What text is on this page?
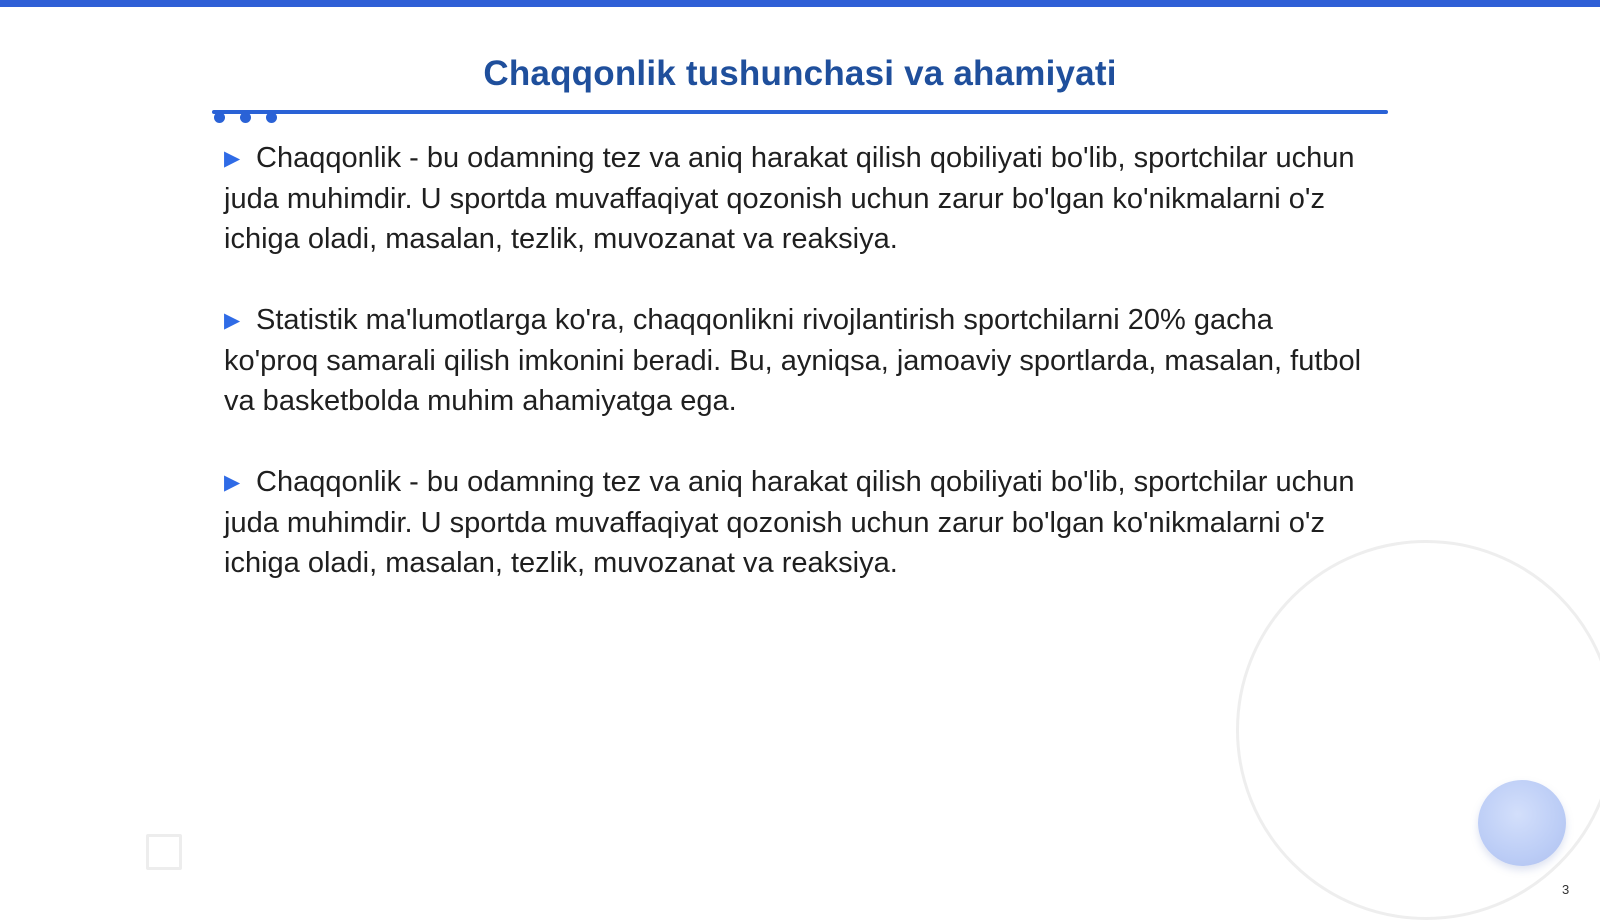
Chaqqonlik tushunchasi va ahamiyati

▶ Chaqqonlik - bu odamning tez va aniq harakat qilish qobiliyati bo'lib, sportchilar uchun juda muhimdir. U sportda muvaffaqiyat qozonish uchun zarur bo'lgan ko'nikmalarni o'z ichiga oladi, masalan, tezlik, muvozanat va reaksiya.

▶ Statistik ma'lumotlarga ko'ra, chaqqonlikni rivojlantirish sportchilarni 20% gacha ko'proq samarali qilish imkonini beradi. Bu, ayniqsa, jamoaviy sportlarda, masalan, futbol va basketbolda muhim ahamiyatga ega.

▶ Chaqqonlik - bu odamning tez va aniq harakat qilish qobiliyati bo'lib, sportchilar uchun juda muhimdir. U sportda muvaffaqiyat qozonish uchun zarur bo'lgan ko'nikmalarni o'z ichiga oladi, masalan, tezlik, muvozanat va reaksiya.

3
